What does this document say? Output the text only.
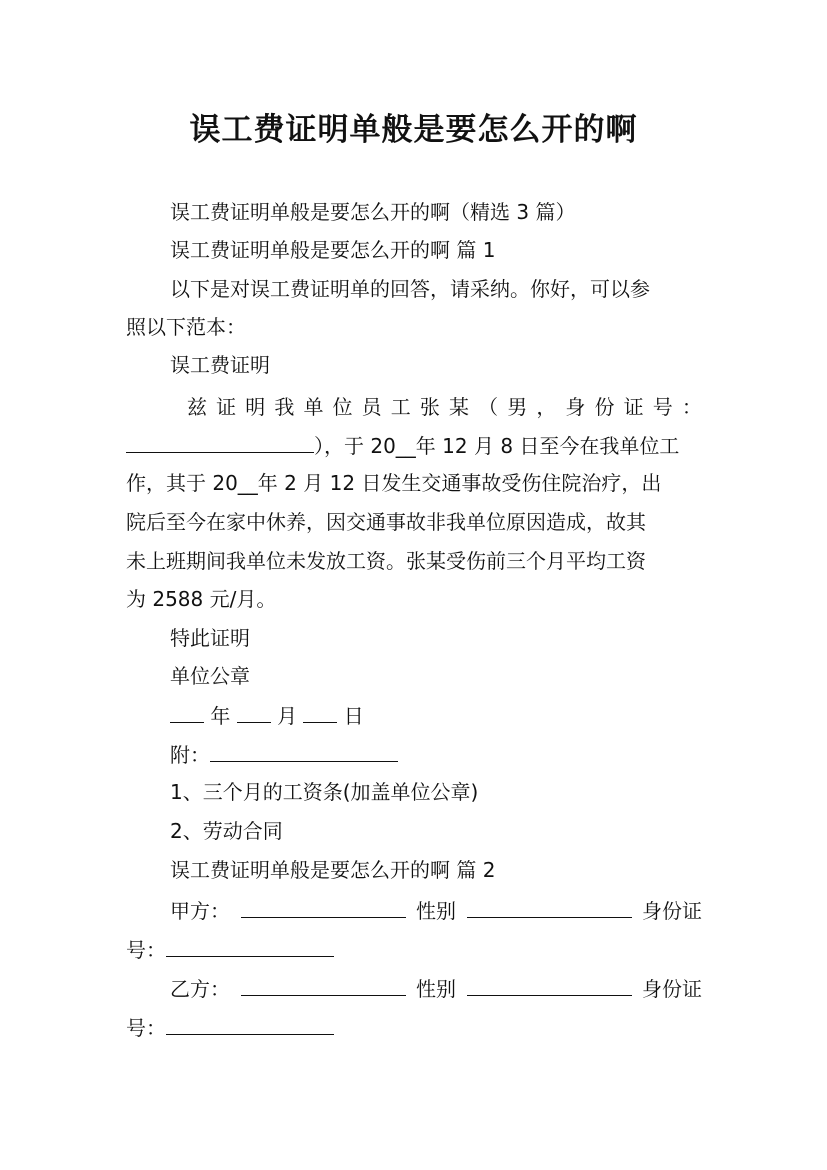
误工费证明单般是要怎么开的啊
误工费证明单般是要怎么开的啊（精选 3 篇）
误工费证明单般是要怎么开的啊 篇 1
以下是对误工费证明单的回答，请采纳。你好，可以参
照以下范本：
误工费证明
兹 证 明 我 单 位 员 工 张 某 （ 男 ， 身 份 证 号 ：
），于 20__年 12 月 8 日至今在我单位工
作，其于 20__年 2 月 12 日发生交通事故受伤住院治疗，出
院后至今在家中休养，因交通事故非我单位原因造成，故其
未上班期间我单位未发放工资。张某受伤前三个月平均工资
为 2588 元/月。
特此证明
单位公章
年 月 日
附：
1、三个月的工资条(加盖单位公章)
2、劳动合同
误工费证明单般是要怎么开的啊 篇 2
甲方：	性别	身份证
号：
乙方：	性别	身份证
号：
